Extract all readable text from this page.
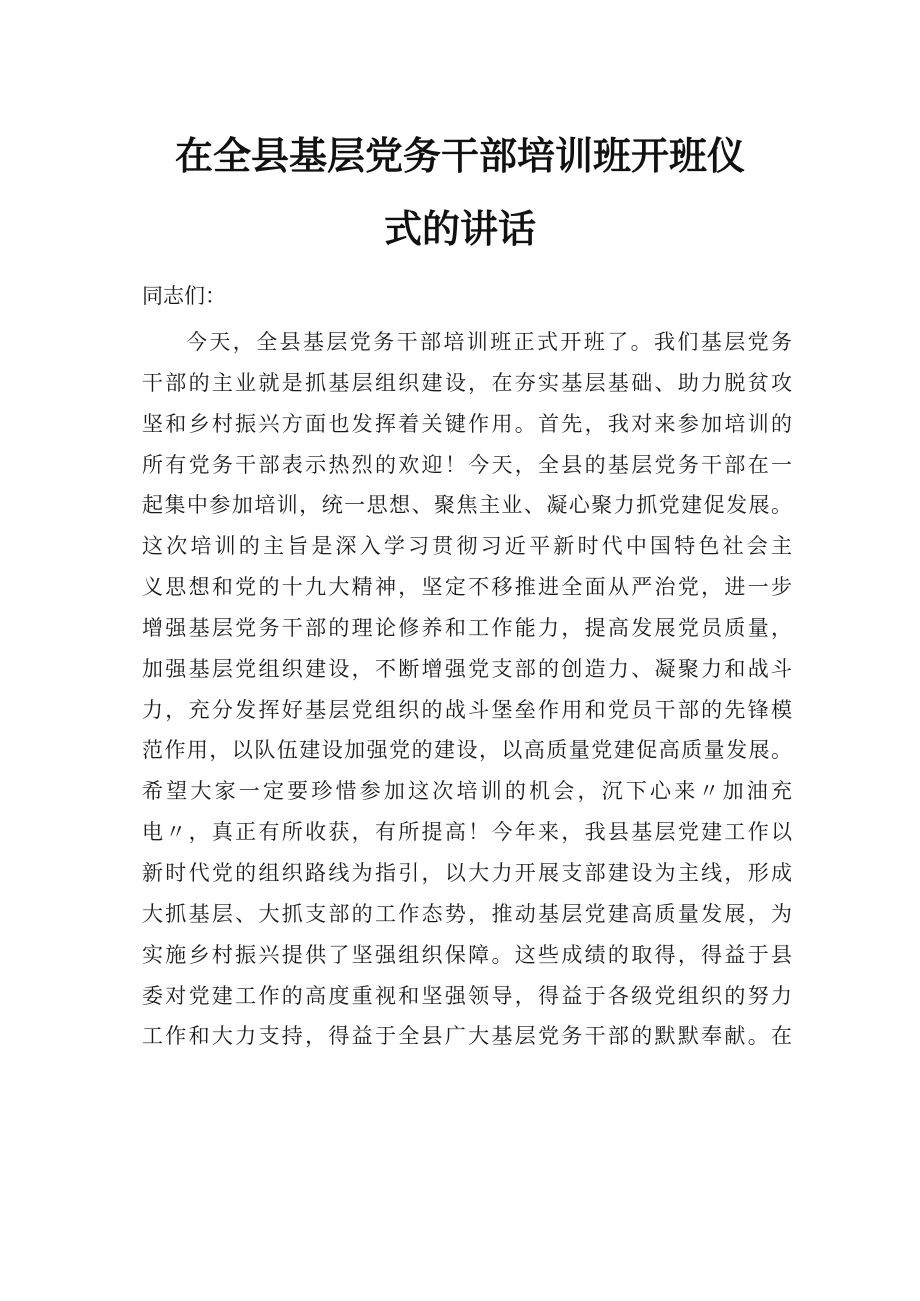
在全县基层党务干部培训班开班仪
式的讲话

同志们：

今天，全县基层党务干部培训班正式开班了。我们基层党务
干部的主业就是抓基层组织建设，在夯实基层基础、助力脱贫攻
坚和乡村振兴方面也发挥着关键作用。首先，我对来参加培训的
所有党务干部表示热烈的欢迎！今天，全县的基层党务干部在一
起集中参加培训，统一思想、聚焦主业、凝心聚力抓党建促发展。
这次培训的主旨是深入学习贯彻习近平新时代中国特色社会主
义思想和党的十九大精神，坚定不移推进全面从严治党，进一步
增强基层党务干部的理论修养和工作能力，提高发展党员质量，
加强基层党组织建设，不断增强党支部的创造力、凝聚力和战斗
力，充分发挥好基层党组织的战斗堡垒作用和党员干部的先锋模
范作用，以队伍建设加强党的建设，以高质量党建促高质量发展。
希望大家一定要珍惜参加这次培训的机会，沉下心来〃加油充
电〃，真正有所收获，有所提高！今年来，我县基层党建工作以
新时代党的组织路线为指引，以大力开展支部建设为主线，形成
大抓基层、大抓支部的工作态势，推动基层党建高质量发展，为
实施乡村振兴提供了坚强组织保障。这些成绩的取得，得益于县
委对党建工作的高度重视和坚强领导，得益于各级党组织的努力
工作和大力支持，得益于全县广大基层党务干部的默默奉献。在
